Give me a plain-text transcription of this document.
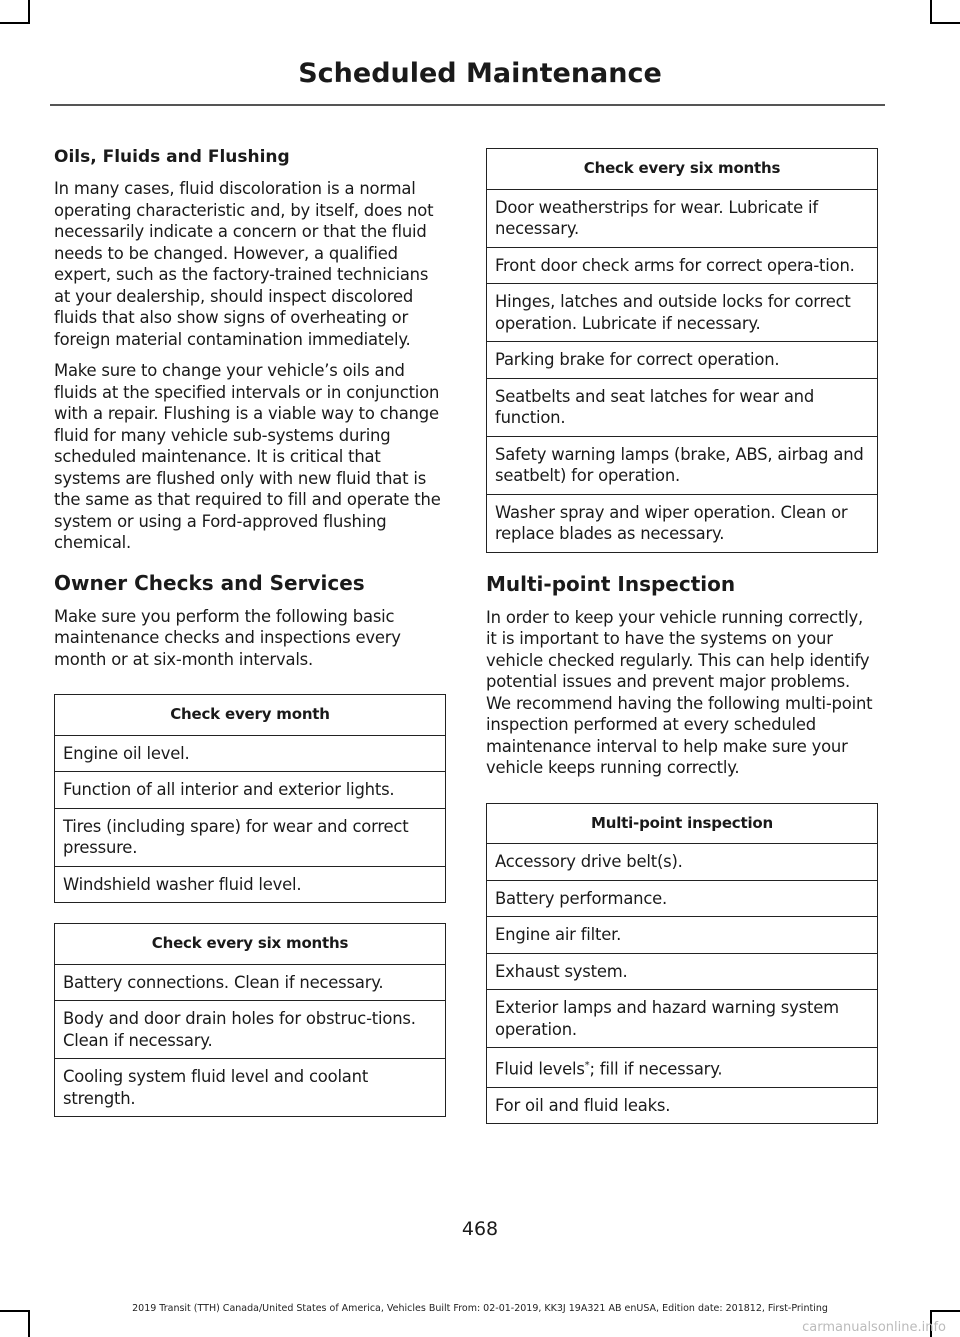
Scheduled Maintenance
Oils, Fluids and Flushing

In many cases, fluid discoloration is a normal operating characteristic and, by itself, does not necessarily indicate a concern or that the fluid needs to be changed. However, a qualified expert, such as the factory-trained technicians at your dealership, should inspect discolored fluids that also show signs of overheating or foreign material contamination immediately.

Make sure to change your vehicle’s oils and fluids at the specified intervals or in conjunction with a repair. Flushing is a viable way to change fluid for many vehicle sub-systems during scheduled maintenance. It is critical that systems are flushed only with new fluid that is the same as that required to fill and operate the system or using a Ford-approved flushing chemical.

Owner Checks and Services

Make sure you perform the following basic maintenance checks and inspections every month or at six-month intervals.

Check every month
Engine oil level.
Function of all interior and exterior lights.
Tires (including spare) for wear and correct pressure.
Windshield washer fluid level.
Check every six months
Battery connections. Clean if necessary.
Body and door drain holes for obstruc-tions. Clean if necessary.
Cooling system fluid level and coolant strength.
Check every six months
Door weatherstrips for wear. Lubricate if necessary.
Front door check arms for correct opera-tion.
Hinges, latches and outside locks for correct operation. Lubricate if necessary.
Parking brake for correct operation.
Seatbelts and seat latches for wear and function.
Safety warning lamps (brake, ABS, airbag and seatbelt) for operation.
Washer spray and wiper operation. Clean or replace blades as necessary.
Multi-point Inspection

In order to keep your vehicle running correctly, it is important to have the systems on your vehicle checked regularly. This can help identify potential issues and prevent major problems. We recommend having the following multi-point inspection performed at every scheduled maintenance interval to help make sure your vehicle keeps running correctly.

Multi-point inspection
Accessory drive belt(s).
Battery performance.
Engine air filter.
Exhaust system.
Exterior lamps and hazard warning system operation.
Fluid levels*; fill if necessary.
For oil and fluid leaks.
468
2019 Transit (TTH) Canada/United States of America, Vehicles Built From: 02-01-2019, KK3J 19A321 AB enUSA, Edition date: 201812, First-Printing
carmanualsonline.info
